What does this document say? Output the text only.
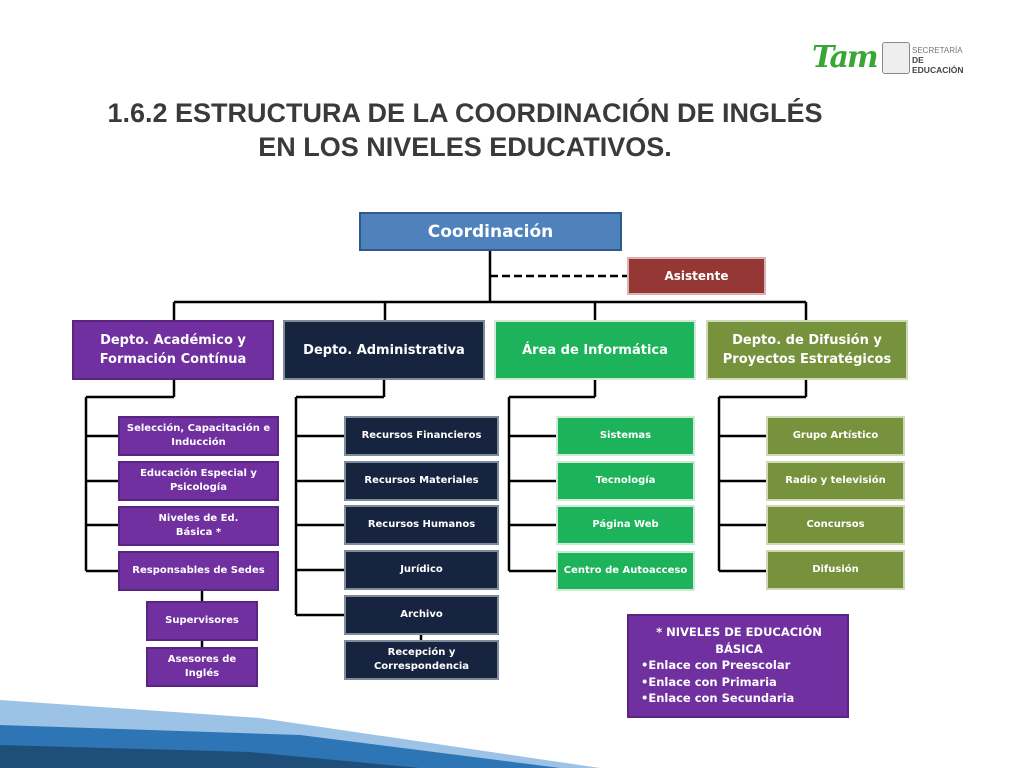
Tam	SECRETARÍA
DE EDUCACIÓN
1.6.2 ESTRUCTURA DE LA COORDINACIÓN DE INGLÉS
EN LOS NIVELES EDUCATIVOS.
Coordinación
Asistente
Depto. Académico y Formación Contínua
Depto. Administrativa	Área de Informática
Depto. de Difusión y Proyectos Estratégicos
Selección, Capacitación e Inducción
Educación Especial y Psicología
Niveles de Ed. Básica *
Responsables de Sedes
Supervisores
Asesores de Inglés
Recursos Financieros
Recursos Materiales
Recursos Humanos
Jurídico
Archivo
Recepción y Correspondencia
Sistemas
Tecnología
Página Web
Centro de Autoacceso
Grupo Artístico
Radio y televisión
Concursos
Difusión
* NIVELES DE EDUCACIÓN BÁSICA
•Enlace con Preescolar
•Enlace con Primaria
•Enlace con Secundaria
